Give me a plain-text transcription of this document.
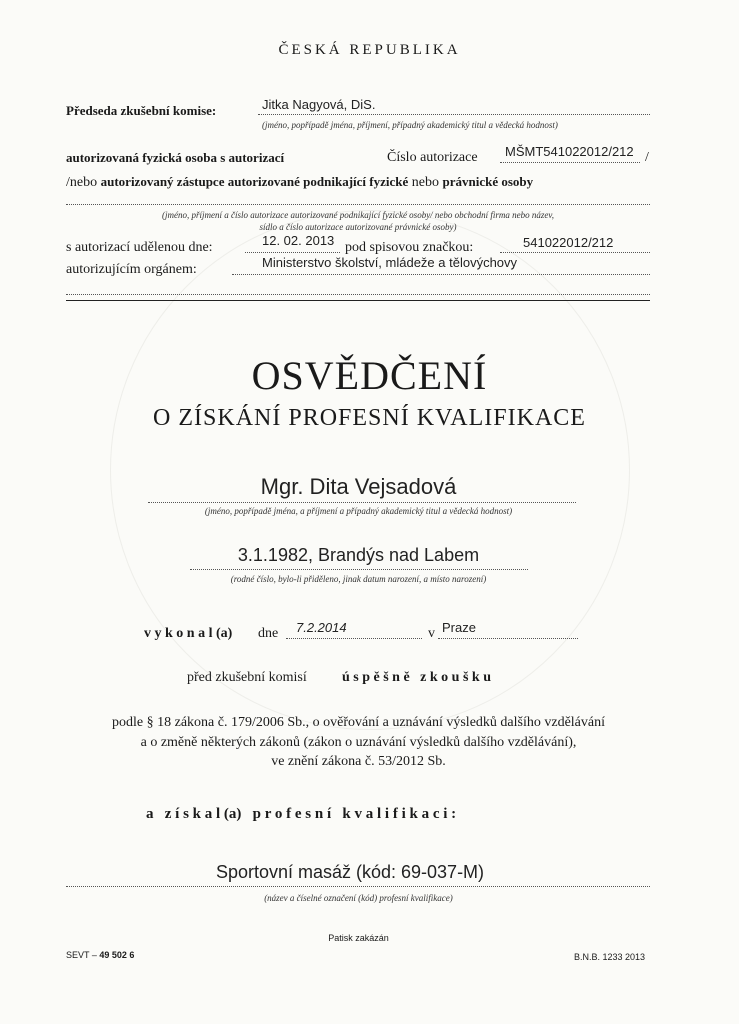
ČESKÁ REPUBLIKA
Předseda zkušební komise:	Jitka Nagyová, DiS.
(jméno, popřípadě jména, příjmení, případný akademický titul a vědecká hodnost)
autorizovaná fyzická osoba s autorizací	Číslo autorizace MŠMT541022012/212 /
/nebo autorizovaný zástupce autorizované podnikající fyzické nebo právnické osoby
(jméno, příjmení a číslo autorizace autorizované podnikající fyzické osoby/ nebo obchodní firma nebo název,
sídlo a číslo autorizace autorizované právnické osoby)
s autorizací udělenou dne:	12. 02. 2013 pod spisovou značkou:	541022012/212
autorizujícím orgánem:	Ministerstvo školství, mládeže a tělovýchovy
OSVĚDČENÍ
O ZÍSKÁNÍ PROFESNÍ KVALIFIKACE
Mgr. Dita Vejsadová
(jméno, popřípadě jména, a příjmení a případný akademický titul a vědecká hodnost)
3.1.1982, Brandýs nad Labem
(rodné číslo, bylo-li přiděleno, jinak datum narození, a místo narození)
v y k o n a l (a) dne 7.2.2014	v Praze
před zkušební komisí	ú s p ě š n ě   z k o u š k u
podle § 18 zákona č. 179/2006 Sb., o ověřování a uznávání výsledků dalšího vzdělávání
a o změně některých zákonů (zákon o uznávání výsledků dalšího vzdělávání),
ve znění zákona č. 53/2012 Sb.
a   z í s k a l (a)   p r o f e s n í   k v a l i f i k a c i :
Sportovní masáž (kód: 69-037-M)
(název a číselné označení (kód) profesní kvalifikace)
Patisk zakázán
SEVT – 49 502 6	B.N.B. 1233 2013
